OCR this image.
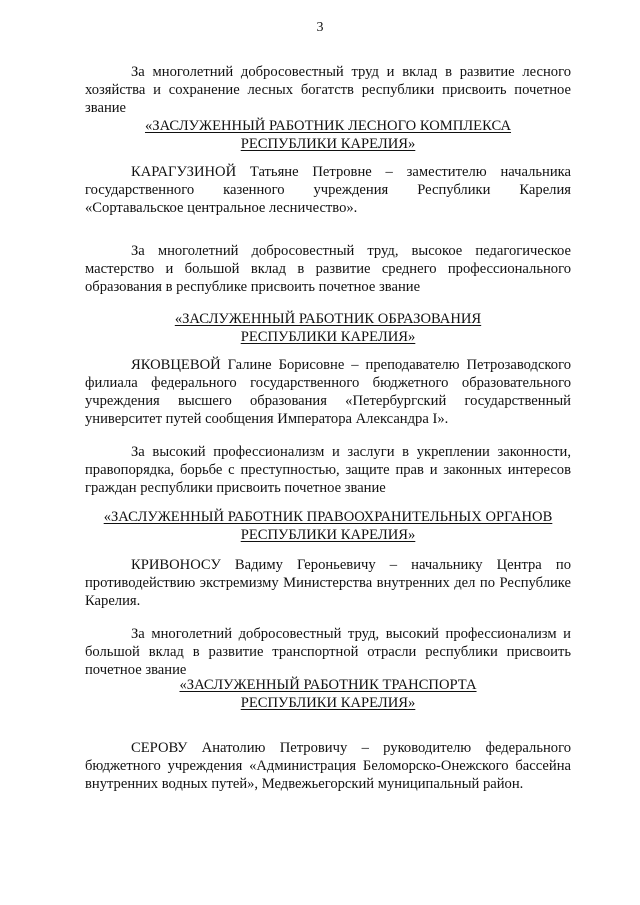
3

За многолетний добросовестный труд и вклад в развитие лесного хозяйства и сохранение лесных богатств республики присвоить почетное звание

«ЗАСЛУЖЕННЫЙ РАБОТНИК ЛЕСНОГО КОМПЛЕКСА
РЕСПУБЛИКИ КАРЕЛИЯ»

КАРАГУЗИНОЙ Татьяне Петровне – заместителю начальника государственного казенного учреждения Республики Карелия «Сортавальское центральное лесничество».

За многолетний добросовестный труд, высокое педагогическое мастерство и большой вклад в развитие среднего профессионального образования в республике присвоить почетное звание

«ЗАСЛУЖЕННЫЙ РАБОТНИК ОБРАЗОВАНИЯ
РЕСПУБЛИКИ КАРЕЛИЯ»

ЯКОВЦЕВОЙ Галине Борисовне – преподавателю Петрозаводского филиала федерального государственного бюджетного образовательного учреждения высшего образования «Петербургский государственный университет путей сообщения Императора Александра I».

За высокий профессионализм и заслуги в укреплении законности, правопорядка, борьбе с преступностью, защите прав и законных интересов граждан республики присвоить почетное звание

«ЗАСЛУЖЕННЫЙ РАБОТНИК ПРАВООХРАНИТЕЛЬНЫХ ОРГАНОВ
РЕСПУБЛИКИ КАРЕЛИЯ»

КРИВОНОСУ Вадиму Героньевичу – начальнику Центра по противодействию экстремизму Министерства внутренних дел по Республике Карелия.

За многолетний добросовестный труд, высокий профессионализм и большой вклад в развитие транспортной отрасли республики присвоить почетное звание

«ЗАСЛУЖЕННЫЙ РАБОТНИК ТРАНСПОРТА
РЕСПУБЛИКИ КАРЕЛИЯ»

СЕРОВУ Анатолию Петровичу – руководителю федерального бюджетного учреждения «Администрация Беломорско-Онежского бассейна внутренних водных путей», Медвежьегорский муниципальный район.
